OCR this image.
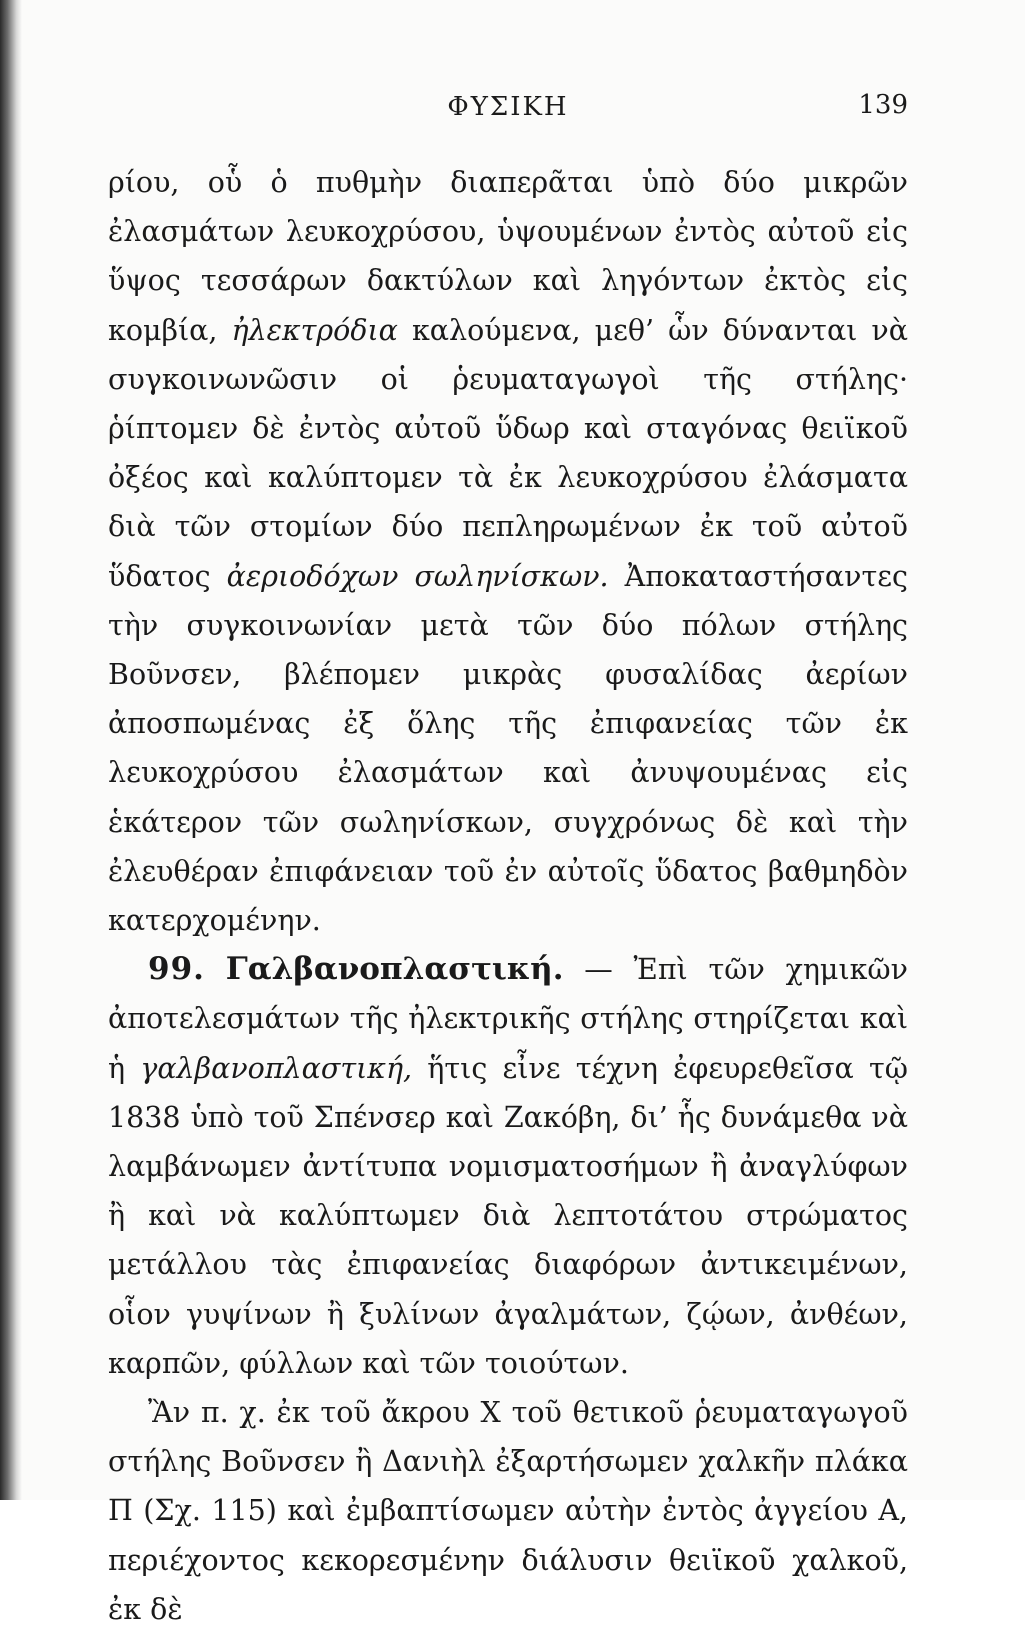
ΦΥΣΙΚΗ	139

ρίου, οὗ ὁ πυθμὴν διαπερᾶται ὑπὸ δύο μικρῶν ἐλασμάτων λευκοχρύσου, ὑψουμένων ἐντὸς αὐτοῦ εἰς ὕψος τεσσάρων δακτύλων καὶ ληγόντων ἐκτὸς εἰς κομβία, ἠλεκτρόδια καλούμενα, μεθ’ ὧν δύνανται νὰ συγκοινωνῶσιν οἱ ῥευματαγωγοὶ τῆς στήλης· ῥίπτομεν δὲ ἐντὸς αὐτοῦ ὕδωρ καὶ σταγόνας θειϊκοῦ ὀξέος καὶ καλύπτομεν τὰ ἐκ λευκοχρύσου ἐλάσματα διὰ τῶν στομίων δύο πεπληρωμένων ἐκ τοῦ αὐτοῦ ὕδατος ἀεριοδόχων σωληνίσκων. Ἀποκαταστήσαντες τὴν συγκοινωνίαν μετὰ τῶν δύο πόλων στήλης Βοῦνσεν, βλέπομεν μικρὰς φυσαλίδας ἀερίων ἀποσπωμένας ἐξ ὅλης τῆς ἐπιφανείας τῶν ἐκ λευκοχρύσου ἐλασμάτων καὶ ἀνυψουμένας εἰς ἑκάτερον τῶν σωληνίσκων, συγχρόνως δὲ καὶ τὴν ἐλευθέραν ἐπιφάνειαν τοῦ ἐν αὐτοῖς ὕδατος βαθμηδὸν κατερχομένην.

99. Γαλβανοπλαστική. — Ἐπὶ τῶν χημικῶν ἀποτελεσμάτων τῆς ἠλεκτρικῆς στήλης στηρίζεται καὶ ἡ γαλβανοπλαστική, ἥτις εἶνε τέχνη ἐφευρεθεῖσα τῷ 1838 ὑπὸ τοῦ Σπένσερ καὶ Ζακόβη, δι’ ἧς δυνάμεθα νὰ λαμβάνωμεν ἀντίτυπα νομισματοσήμων ἢ ἀναγλύφων ἢ καὶ νὰ καλύπτωμεν διὰ λεπτοτάτου στρώματος μετάλλου τὰς ἐπιφανείας διαφόρων ἀντικειμένων, οἷον γυψίνων ἢ ξυλίνων ἀγαλμάτων, ζῴων, ἀνθέων, καρπῶν, φύλλων καὶ τῶν τοιούτων.

Ἂν π. χ. ἐκ τοῦ ἄκρου Χ τοῦ θετικοῦ ῥευματαγωγοῦ στήλης Βοῦνσεν ἢ Δανιὴλ ἐξαρτήσωμεν χαλκῆν πλάκα Π (Σχ. 115) καὶ ἐμβαπτίσωμεν αὐτὴν ἐντὸς ἀγγείου Α, περιέχοντος κεκορεσμένην διάλυσιν θειϊκοῦ χαλκοῦ, ἐκ δὲ
